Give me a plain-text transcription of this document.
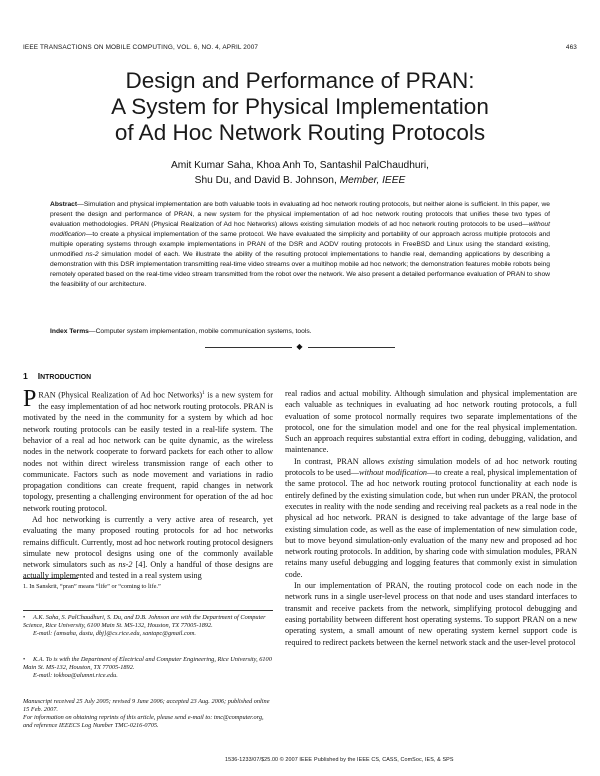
IEEE TRANSACTIONS ON MOBILE COMPUTING, VOL. 6, NO. 4, APRIL 2007	463
Design and Performance of PRAN:
A System for Physical Implementation
of Ad Hoc Network Routing Protocols
Amit Kumar Saha, Khoa Anh To, Santashil PalChaudhuri,
Shu Du, and David B. Johnson, Member, IEEE
Abstract—Simulation and physical implementation are both valuable tools in evaluating ad hoc network routing protocols, but neither alone is sufficient. In this paper, we present the design and performance of PRAN, a new system for the physical implementation of ad hoc network routing protocols that unifies these two types of evaluation methodologies. PRAN (Physical Realization of Ad hoc Networks) allows existing simulation models of ad hoc network routing protocols to be used—without modification—to create a physical implementation of the same protocol. We have evaluated the simplicity and portability of our approach across multiple protocols and multiple operating systems through example implementations in PRAN of the DSR and AODV routing protocols in FreeBSD and Linux using the standard existing, unmodified ns-2 simulation model of each. We illustrate the ability of the resulting protocol implementations to handle real, demanding applications by describing a demonstration with this DSR implementation transmitting real-time video streams over a multihop mobile ad hoc network; the demonstration features mobile robots being remotely operated based on the real-time video stream transmitted from the robot over the network. We also present a detailed performance evaluation of PRAN to show the feasibility of our architecture.
Index Terms—Computer system implementation, mobile communication systems, tools.
◆
1 INTRODUCTION

PRAN (Physical Realization of Ad hoc Networks)$^1$ is a new system for the easy implementation of ad hoc network routing protocols. PRAN is motivated by the need in the community for a system by which ad hoc network routing protocols can be easily tested in a real-life system. The behavior of a real ad hoc network can be quite dynamic, as the wireless nodes in the network cooperate to forward packets for each other to allow nodes not within direct wireless transmission range of each other to communicate. Factors such as node movement and variations in radio propagation conditions can create frequent, rapid changes in network topology, presenting a challenging environment for operation of the ad hoc network routing protocol.

Ad hoc networking is currently a very active area of research, yet evaluating the many proposed routing protocols for ad hoc networks remains difficult. Currently, most ad hoc network routing protocol designers simulate new protocol designs using one of the commonly available network simulators such as ns-2 [4]. Only a handful of those designs are actually implemented and tested in a real system using

1. In Sanskrit, “pran” means “life” or “coming to life.”
• A.K. Saha, S. PalChaudhuri, S. Du, and D.B. Johnson are with the Department of Computer Science, Rice University, 6100 Main St. MS-132, Houston, TX 77005-1892.
E-mail: {amsaha, dustu, dbj}@cs.rice.edu, santapc@gmail.com.
• K.A. To is with the Department of Electrical and Computer Engineering, Rice University, 6100 Main St. MS-132, Houston, TX 77005-1892.
E-mail: tokhoa@alumni.rice.edu.
Manuscript received 25 July 2005; revised 9 June 2006; accepted 23 Aug. 2006; published online 15 Feb. 2007.
For information on obtaining reprints of this article, please send e-mail to: tmc@computer.org, and reference IEEECS Log Number TMC-0216-0705.

real radios and actual mobility. Although simulation and physical implementation are each valuable as techniques in evaluating ad hoc network routing protocols, a full evaluation of some protocol normally requires two separate implementations of the protocol, one for the simulation model and one for the real physical implementation. Such an approach requires substantial extra effort in coding, debugging, validation, and maintenance.

In contrast, PRAN allows existing simulation models of ad hoc network routing protocols to be used—without modification—to create a real, physical implementation of the same protocol. The ad hoc network routing protocol functionality at each node is entirely defined by the existing simulation code, but when run under PRAN, the protocol executes in reality with the node sending and receiving real packets as a real node in the physical ad hoc network. PRAN is designed to take advantage of the large base of existing simulation code, as well as the ease of implementation of new simulation code, but to move beyond simulation-only evaluation of the many new and proposed ad hoc network routing protocols. In addition, by sharing code with simulation modules, PRAN retains many useful debugging and logging features that commonly exist in simulation code.

In our implementation of PRAN, the routing protocol code on each node in the network runs in a single user-level process on that node and uses standard interfaces to transmit and receive packets from the network, simplifying protocol debugging and easing portability between different host operating systems. To support PRAN on a new operating system, a small amount of new operating system kernel support code is required to redirect packets between the kernel network stack and the user-level protocol

1536-1233/07/$25.00 © 2007 IEEE Published by the IEEE CS, CASS, ComSoc, IES, & SPS
